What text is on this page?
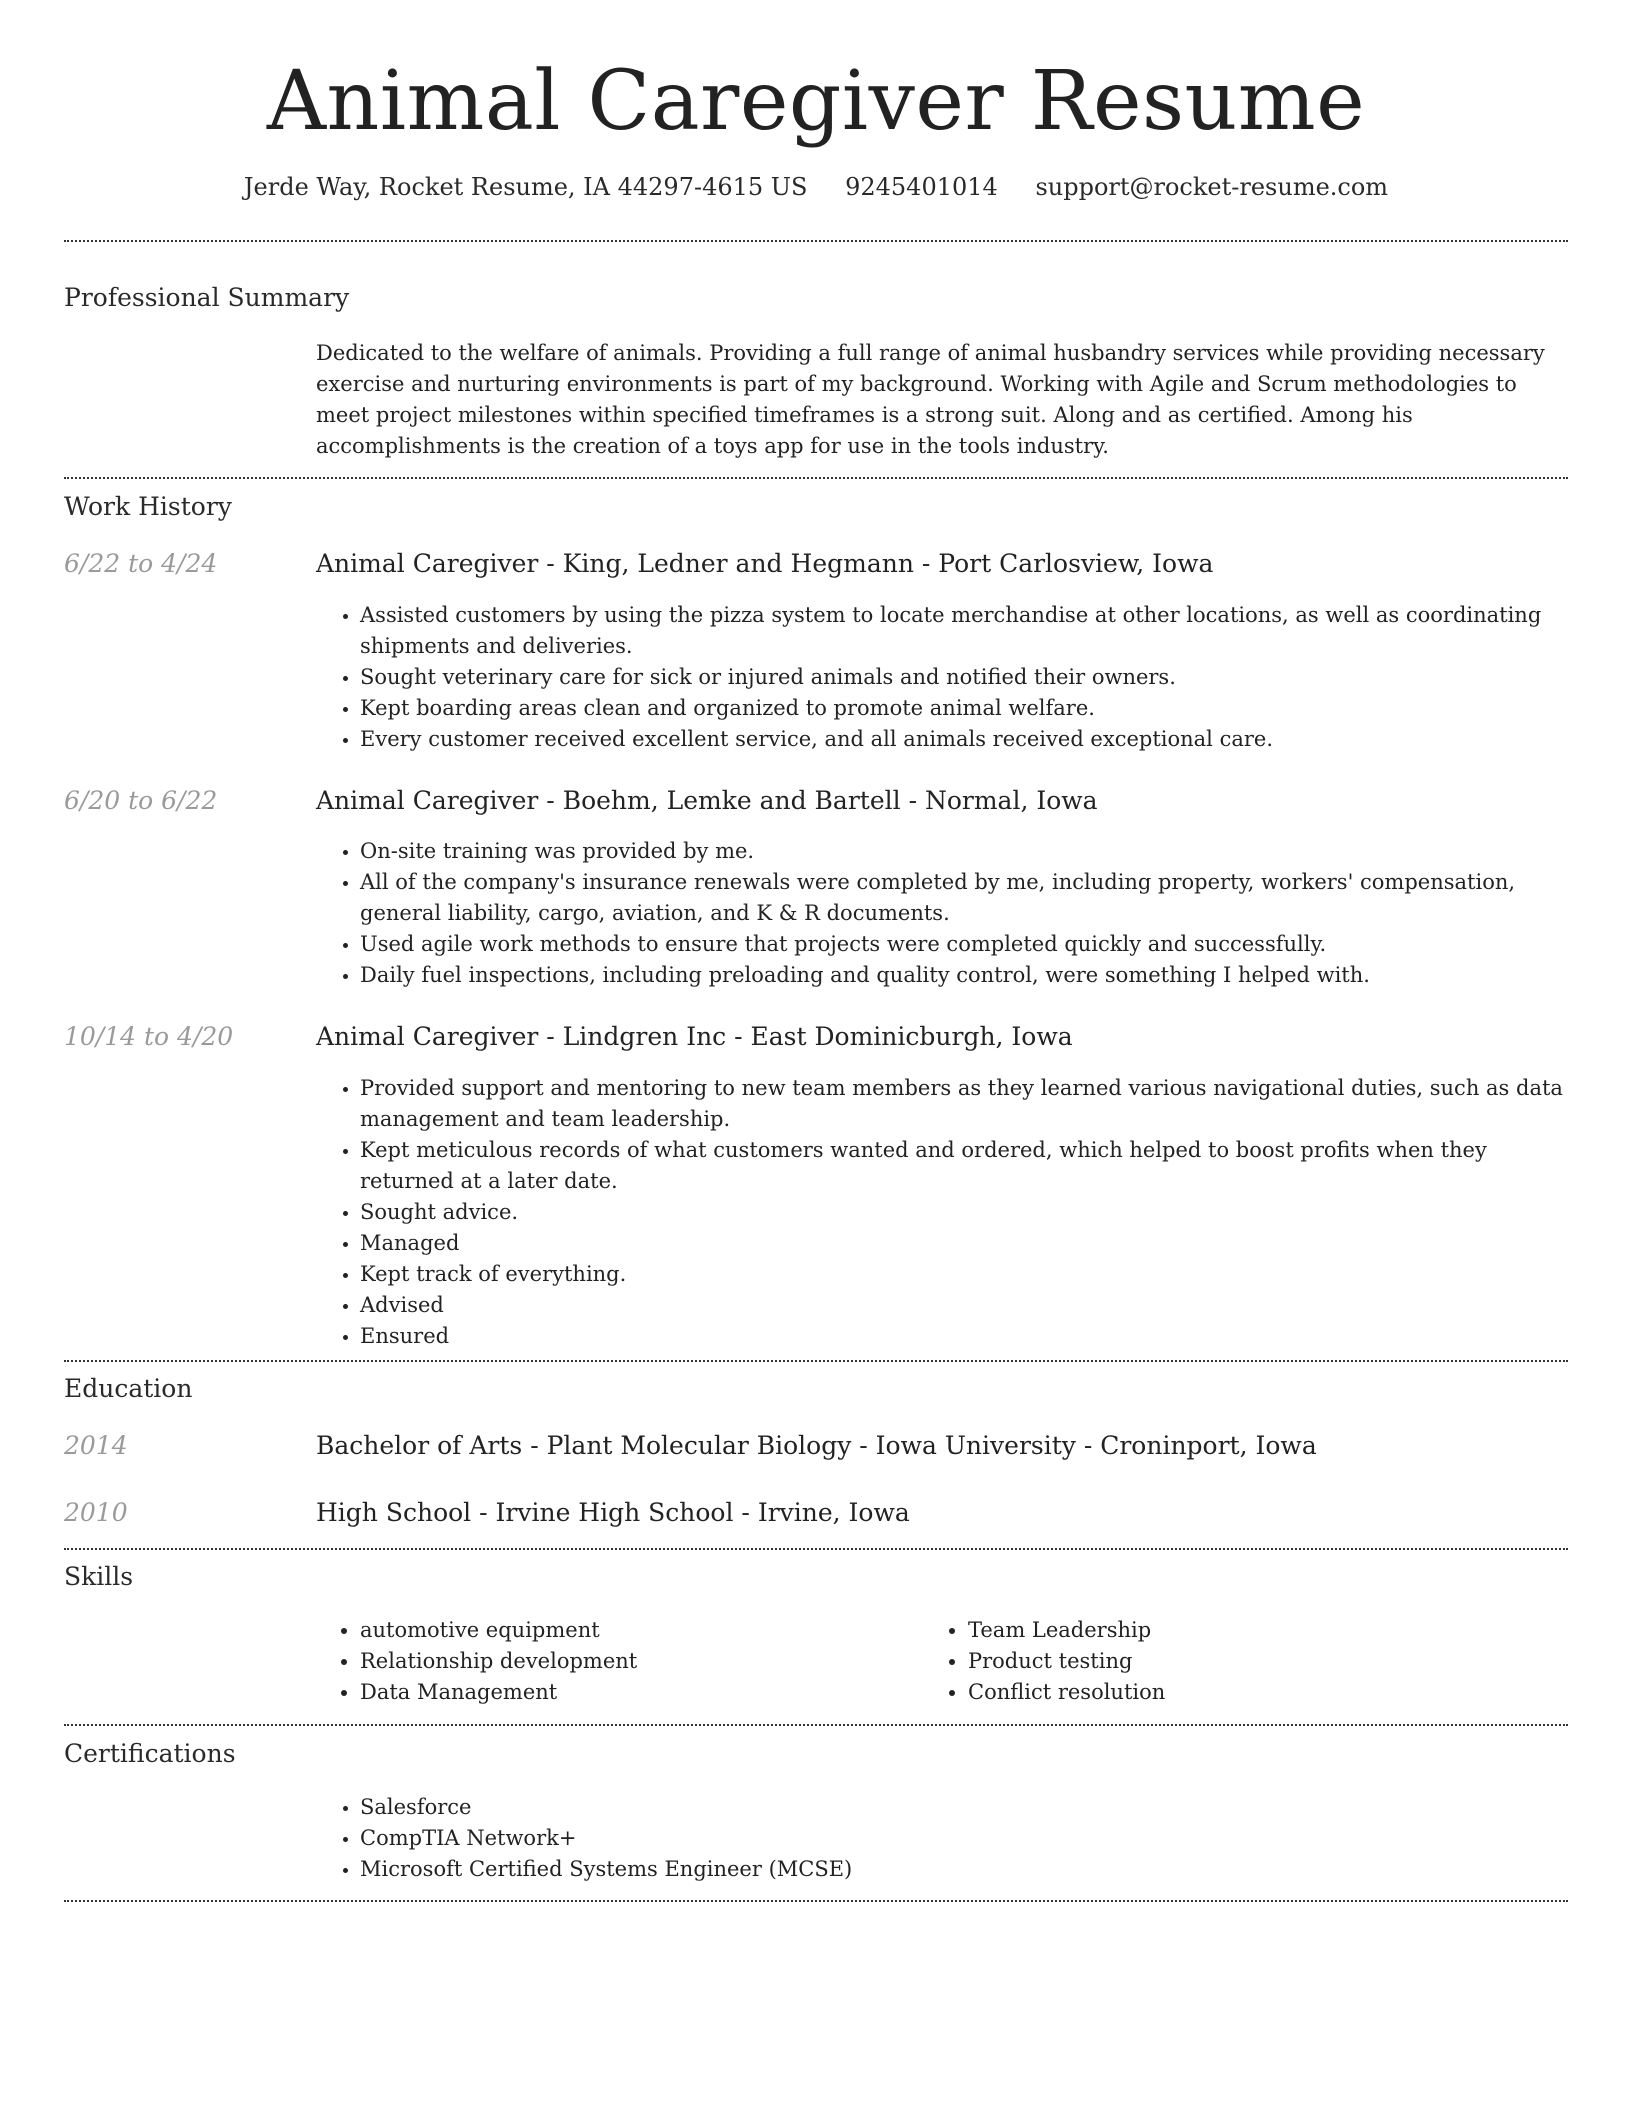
Animal Caregiver Resume
Jerde Way, Rocket Resume, IA 44297-4615 US 9245401014 support@rocket-resume.com
Professional Summary
Dedicated to the welfare of animals. Providing a full range of animal husbandry services while providing necessary exercise and nurturing environments is part of my background. Working with Agile and Scrum methodologies to meet project milestones within specified timeframes is a strong suit. Along and as certified. Among his accomplishments is the creation of a toys app for use in the tools industry.
Work History
6/22 to 4/24	Animal Caregiver - King, Ledner and Hegmann - Port Carlosview, Iowa
• Assisted customers by using the pizza system to locate merchandise at other locations, as well as coordinating shipments and deliveries.
• Sought veterinary care for sick or injured animals and notified their owners.
• Kept boarding areas clean and organized to promote animal welfare.
• Every customer received excellent service, and all animals received exceptional care.
6/20 to 6/22	Animal Caregiver - Boehm, Lemke and Bartell - Normal, Iowa
• On-site training was provided by me.
• All of the company's insurance renewals were completed by me, including property, workers' compensation, general liability, cargo, aviation, and K & R documents.
• Used agile work methods to ensure that projects were completed quickly and successfully.
• Daily fuel inspections, including preloading and quality control, were something I helped with.
10/14 to 4/20	Animal Caregiver - Lindgren Inc - East Dominicburgh, Iowa
• Provided support and mentoring to new team members as they learned various navigational duties, such as data management and team leadership.
• Kept meticulous records of what customers wanted and ordered, which helped to boost profits when they returned at a later date.
• Sought advice.
• Managed
• Kept track of everything.
• Advised
• Ensured
Education
2014	Bachelor of Arts - Plant Molecular Biology - Iowa University - Croninport, Iowa
2010	High School - Irvine High School - Irvine, Iowa
Skills
• automotive equipment
• Relationship development
• Data Management
• Team Leadership
• Product testing
• Conflict resolution
Certifications
• Salesforce
• CompTIA Network+
• Microsoft Certified Systems Engineer (MCSE)
